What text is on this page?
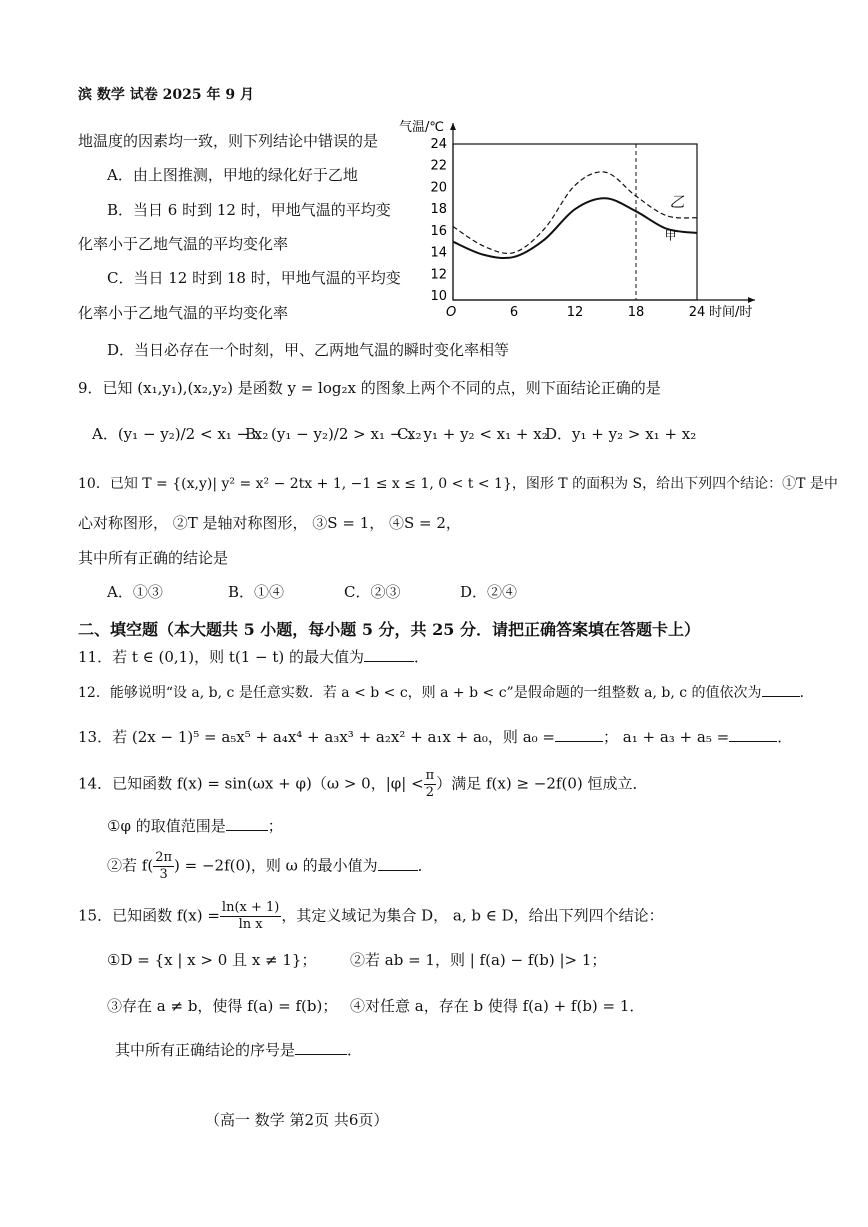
滨 数学 试卷 2025 年 9 月
地温度的因素均一致，则下列结论中错误的是
A．由上图推测，甲地的绿化好于乙地
B．当日 6 时到 12 时，甲地气温的平均变
化率小于乙地气温的平均变化率
C．当日 12 时到 18 时，甲地气温的平均变
化率小于乙地气温的平均变化率
D．当日必存在一个时刻，甲、乙两地气温的瞬时变化率相等
气温/℃
时间/时
O
10
12
14
16
18
20
22
24
6	12	18	24
乙
甲
9．已知 (x₁,y₁),(x₂,y₂) 是函数 y = log₂x 的图象上两个不同的点，则下面结论正确的是
A．(y₁ − y₂)/2 < x₁ − x₂
B．(y₁ − y₂)/2 > x₁ − x₂
C．y₁ + y₂ < x₁ + x₂
D．y₁ + y₂ > x₁ + x₂
10．已知 T = {(x,y)| y² = x² − 2tx + 1, −1 ≤ x ≤ 1, 0 < t < 1}，图形 T 的面积为 S，给出下列四个结论：①T 是中
心对称图形， ②T 是轴对称图形， ③S = 1， ④S = 2，
其中所有正确的结论是
A．①③	B．①④	C．②③	D．②④
二、填空题（本大题共 5 小题，每小题 5 分，共 25 分．请把正确答案填在答题卡上）
11．若 t ∈ (0,1)，则 t(1 − t) 的最大值为	．
12．能够说明“设 a, b, c 是任意实数．若 a < b < c，则 a + b < c”是假命题的一组整数 a, b, c 的值依次为	．
13．若 (2x − 1)⁵ = a₅x⁵ + a₄x⁴ + a₃x³ + a₂x² + a₁x + a₀，则 a₀ =	； a₁ + a₃ + a₅ =	．
14．已知函数 f(x) = sin(ωx + φ)（ω > 0，$|\varphi| < \frac{\pi}{2}$ ）满足 f(x) ≥ −2f(0) 恒成立．
①φ 的取值范围是	；
②若 $f( \frac{2\pi}{3}$ ) = −2f(0)，则 ω 的最小值为	．
15．已知函数 $f(x) = \frac{\ln(x + 1)}{\text{ln x}}$ ，其定义域记为集合 D， a, b ∈ D，给出下列四个结论：
①D = {x | x > 0 且 x ≠ 1}； ②若 ab = 1，则 | f(a) − f(b) |> 1；
③存在 a ≠ b，使得 f(a) = f(b)； ④对任意 a，存在 b 使得 f(a) + f(b) = 1．
其中所有正确结论的序号是	．
（高一 数学 第2页 共6页）
